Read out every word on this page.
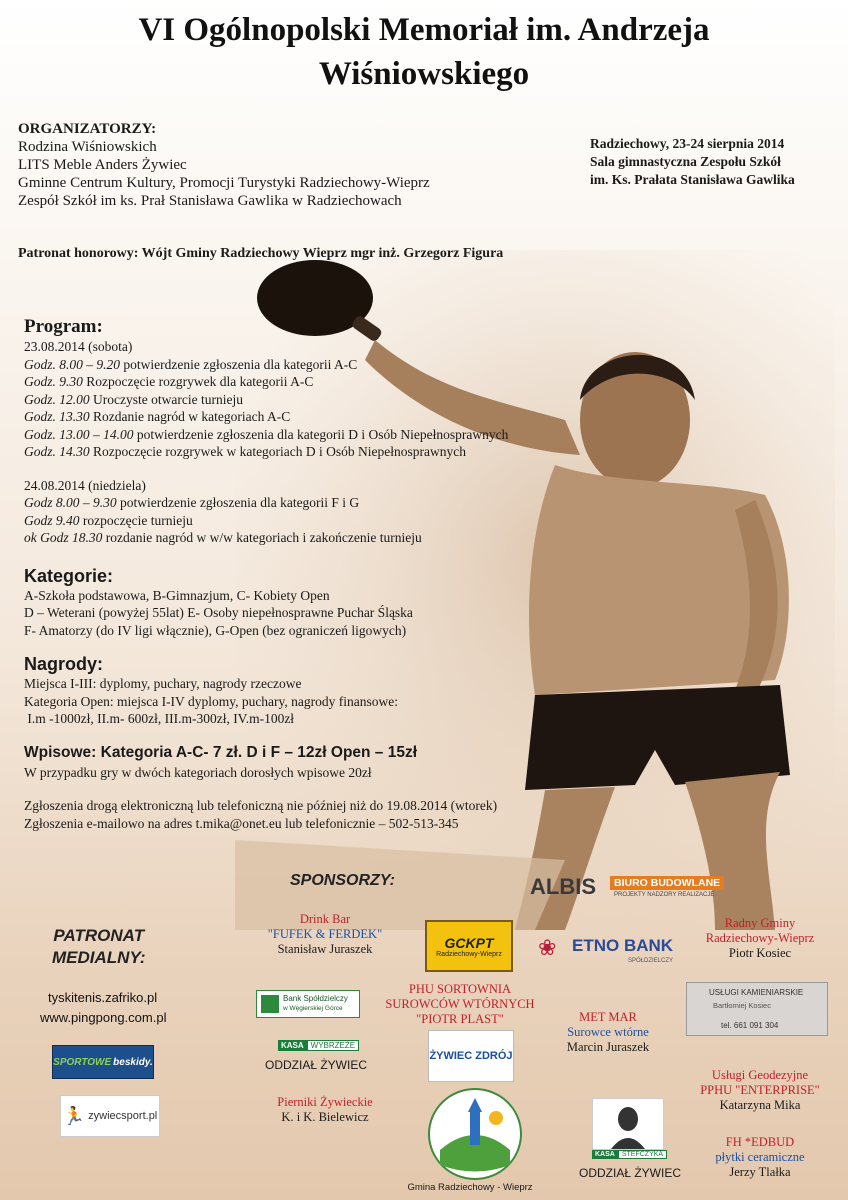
VI Ogólnopolski Memoriał im. Andrzeja
Wiśniowskiego
ORGANIZATORZY:
Rodzina Wiśniowskich
LITS Meble Anders Żywiec
Gminne Centrum Kultury, Promocji Turystyki Radziechowy-Wieprz
Zespół Szkół im ks. Prał Stanisława Gawlika w Radziechowach
Radziechowy, 23-24 sierpnia 2014
Sala gimnastyczna Zespołu Szkół
im. Ks. Prałata Stanisława Gawlika
Patronat honorowy: Wójt Gminy Radziechowy Wieprz mgr inż. Grzegorz Figura
Program:
23.08.2014 (sobota)
Godz. 8.00 – 9.20 potwierdzenie zgłoszenia dla kategorii A-C
Godz. 9.30 Rozpoczęcie rozgrywek dla kategorii A-C
Godz. 12.00 Uroczyste otwarcie turnieju
Godz. 13.30 Rozdanie nagród w kategoriach A-C
Godz. 13.00 – 14.00 potwierdzenie zgłoszenia dla kategorii D i Osób Niepełnosprawnych
Godz. 14.30 Rozpoczęcie rozgrywek w kategoriach D i Osób Niepełnosprawnych
24.08.2014 (niedziela)
Godz 8.00 – 9.30 potwierdzenie zgłoszenia dla kategorii F i G
Godz 9.40 rozpoczęcie turnieju
ok Godz 18.30 rozdanie nagród w w/w kategoriach i zakończenie turnieju
Kategorie:
A-Szkoła podstawowa, B-Gimnazjum, C- Kobiety Open
D – Weterani (powyżej 55lat) E- Osoby niepełnosprawne Puchar Śląska
F- Amatorzy (do IV ligi włącznie), G-Open (bez ograniczeń ligowych)
Nagrody:
Miejsca I-III: dyplomy, puchary, nagrody rzeczowe
Kategoria Open: miejsca I-IV dyplomy, puchary, nagrody finansowe:
I.m -1000zł, II.m- 600zł, III.m-300zł, IV.m-100zł
Wpisowe: Kategoria A-C- 7 zł. D i F – 12zł Open – 15zł
W przypadku gry w dwóch kategoriach dorosłych wpisowe 20zł
Zgłoszenia drogą elektroniczną lub telefoniczną nie później niż do 19.08.2014 (wtorek)
Zgłoszenia e-mailowo na adres t.mika@onet.eu lub telefonicznie – 502-513-345
SPONSORZY:
PATRONAT
MEDIALNY:
tyskitenis.zafriko.pl
www.pingpong.com.pl
SPORTOWE beskidy.
🏃 zywiecsport.pl
Drink Bar
"FUFEK & FERDEK"
Stanisław Juraszek	GCKPT
Radziechowy-Wieprz
ALBIS	BIURO BUDOWLANE
PROJEKTY NADZORY REALIZACJE
❀ ETNO BANK
SPÓŁDZIELCZY
Radny Gminy
Radziechowy-Wieprz
Piotr Kosiec
Bank Spółdzielczy
w Węgierskiej Górce
PHU SORTOWNIA
SUROWCÓW WTÓRNYCH
"PIOTR PLAST"	MET MAR
Surowce wtórne
Marcin Juraszek
USŁUGI KAMIENIARSKIE
Bartłomiej Kosiec
tel. 661 091 304
KASA WYBRZEŻE
ODDZIAŁ ŻYWIEC
ŻYWIEC ZDRÓJ
Usługi Geodezyjne
PPHU "ENTERPRISE"
Katarzyna Mika
Pierniki Żywieckie
K. i K. Bielewicz
Gmina Radziechowy - Wieprz
KASA	STEFCZYKA
ODDZIAŁ ŻYWIEC
FH *EDBUD
płytki ceramiczne
Jerzy Tlałka
